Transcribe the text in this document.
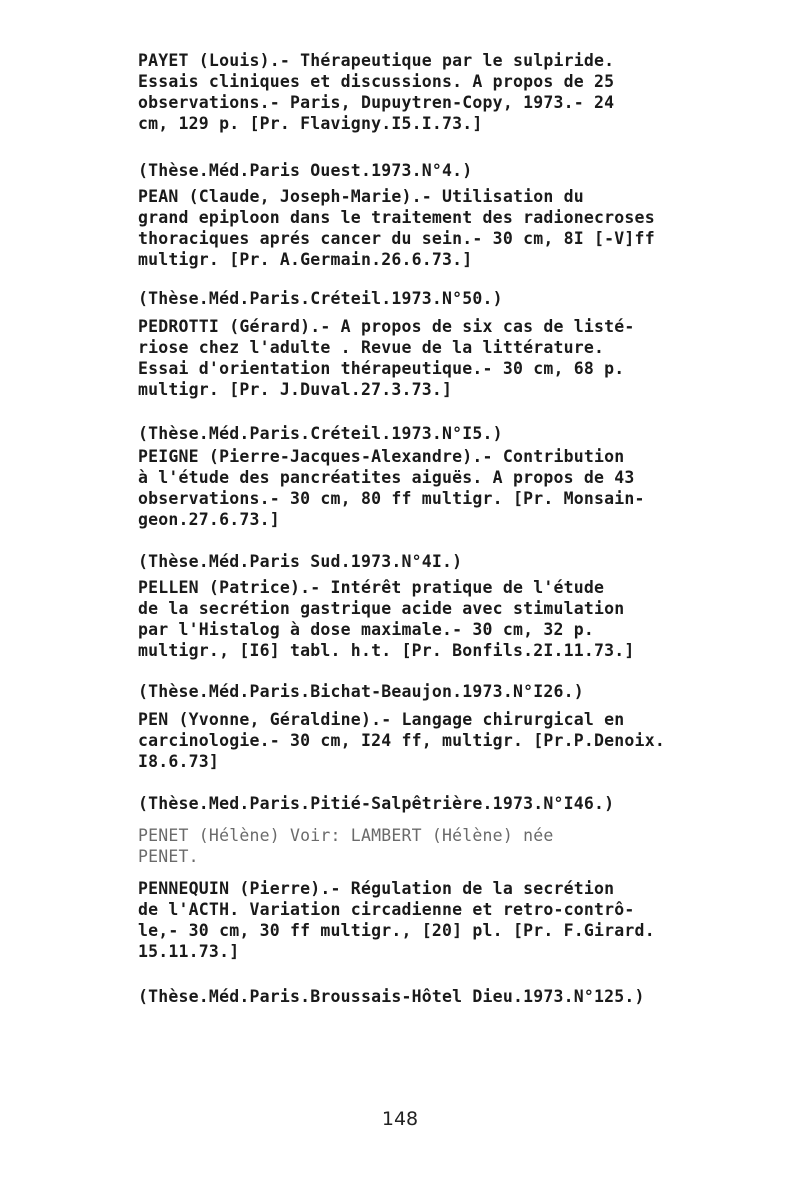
PAYET (Louis).- Thérapeutique par le sulpiride.
Essais cliniques et discussions. A propos de 25
observations.- Paris, Dupuytren-Copy, 1973.- 24
cm, 129 p. [Pr. Flavigny.I5.I.73.]
(Thèse.Méd.Paris Ouest.1973.N°4.)
PEAN (Claude, Joseph-Marie).- Utilisation du
grand epiploon dans le traitement des radionecroses
thoraciques aprés cancer du sein.- 30 cm, 8I [-V]ff
multigr. [Pr. A.Germain.26.6.73.]
(Thèse.Méd.Paris.Créteil.1973.N°50.)
PEDROTTI (Gérard).- A propos de six cas de listé-
riose chez l'adulte . Revue de la littérature.
Essai d'orientation thérapeutique.- 30 cm, 68 p.
multigr. [Pr. J.Duval.27.3.73.]
(Thèse.Méd.Paris.Créteil.1973.N°I5.)
PEIGNE (Pierre-Jacques-Alexandre).- Contribution
à l'étude des pancréatites aiguës. A propos de 43
observations.- 30 cm, 80 ff multigr. [Pr. Monsain-
geon.27.6.73.]
(Thèse.Méd.Paris Sud.1973.N°4I.)
PELLEN (Patrice).- Intérêt pratique de l'étude
de la secrétion gastrique acide avec stimulation
par l'Histalog à dose maximale.- 30 cm, 32 p.
multigr., [I6] tabl. h.t. [Pr. Bonfils.2I.11.73.]
(Thèse.Méd.Paris.Bichat-Beaujon.1973.N°I26.)
PEN (Yvonne, Géraldine).- Langage chirurgical en
carcinologie.- 30 cm, I24 ff, multigr. [Pr.P.Denoix.
I8.6.73]
(Thèse.Med.Paris.Pitié-Salpêtrière.1973.N°I46.)
PENET (Hélène) Voir: LAMBERT (Hélène) née
PENET.
PENNEQUIN (Pierre).- Régulation de la secrétion
de l'ACTH. Variation circadienne et retro-contrô-
le,- 30 cm, 30 ff multigr., [20] pl. [Pr. F.Girard.
15.11.73.]
(Thèse.Méd.Paris.Broussais-Hôtel Dieu.1973.N°125.)
148
